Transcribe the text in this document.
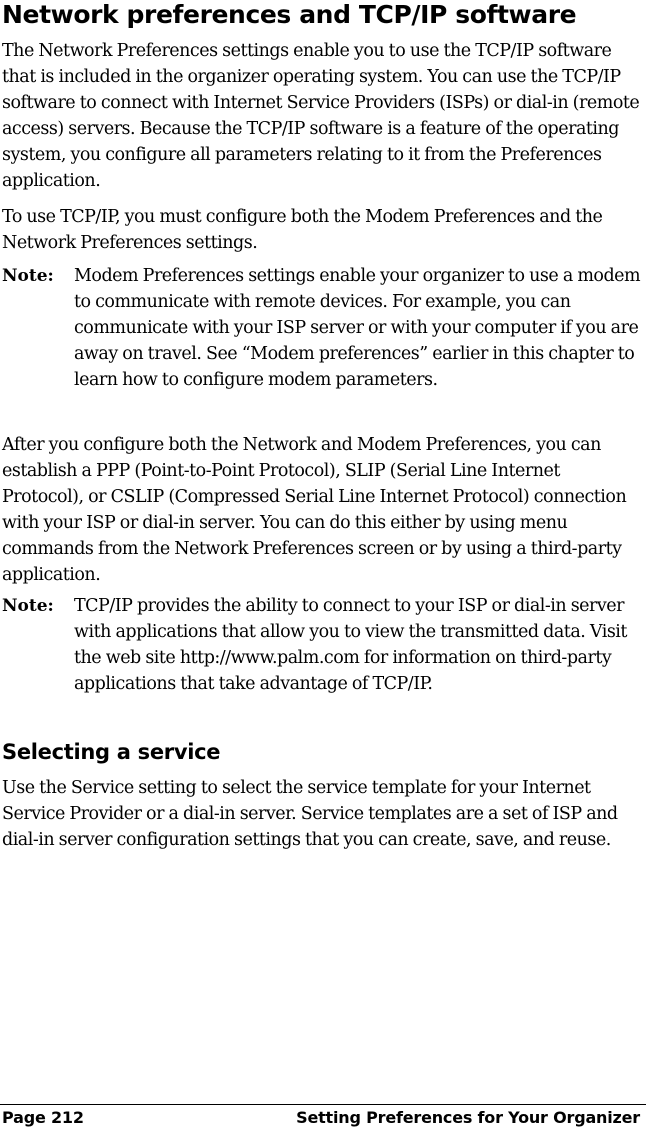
Network preferences and TCP/IP software

The Network Preferences settings enable you to use the TCP/IP software that is included in the organizer operating system. You can use the TCP/IP software to connect with Internet Service Providers (ISPs) or dial-in (remote access) servers. Because the TCP/IP software is a feature of the operating system, you configure all parameters relating to it from the Preferences application.

To use TCP/IP, you must configure both the Modem Preferences and the Network Preferences settings.

Note: Modem Preferences settings enable your organizer to use a modem to communicate with remote devices. For example, you can communicate with your ISP server or with your computer if you are away on travel. See “Modem preferences” earlier in this chapter to learn how to configure modem parameters.

After you configure both the Network and Modem Preferences, you can establish a PPP (Point-to-Point Protocol), SLIP (Serial Line Internet Protocol), or CSLIP (Compressed Serial Line Internet Protocol) connection with your ISP or dial-in server. You can do this either by using menu commands from the Network Preferences screen or by using a third-party application.

Note: TCP/IP provides the ability to connect to your ISP or dial-in server with applications that allow you to view the transmitted data. Visit the web site http://www.palm.com for information on third-party applications that take advantage of TCP/IP.

Selecting a service

Use the Service setting to select the service template for your Internet Service Provider or a dial-in server. Service templates are a set of ISP and dial-in server configuration settings that you can create, save, and reuse.

Page 212	Setting Preferences for Your Organizer
